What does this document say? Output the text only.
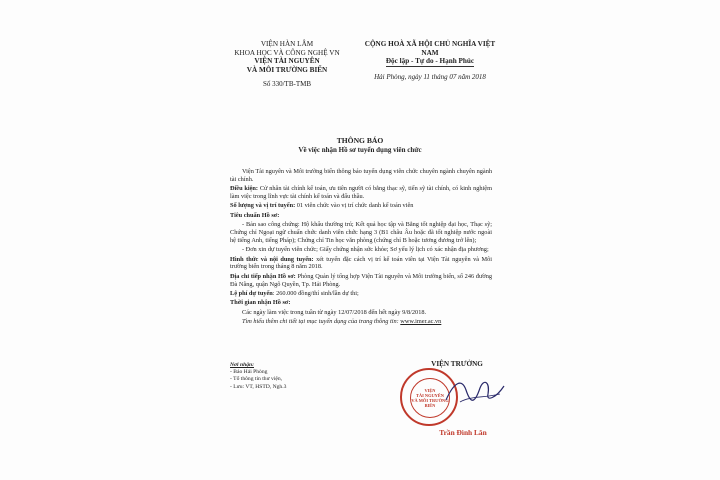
VIỆN HÀN LÂM
KHOA HỌC VÀ CÔNG NGHỆ VN
VIỆN TÀI NGUYÊN
VÀ MÔI TRƯỜNG BIỂN
Số 330/TB-TMB
CỘNG HOÀ XÃ HỘI CHỦ NGHĨA VIỆT NAM
Độc lập - Tự do - Hạnh Phúc
Hải Phòng, ngày 11 tháng 07 năm 2018
THÔNG BÁO
Về việc nhận Hồ sơ tuyển dụng viên chức

Viện Tài nguyên và Môi trường biển thông báo tuyển dụng viên chức chuyên ngành chuyên ngành tài chính.

Điều kiện: Cử nhân tài chính kế toán, ưu tiên người có bằng thạc sỹ, tiến sỹ tài chính, có kinh nghiệm làm việc trong lĩnh vực tài chính kế toán và đấu thầu.

Số lượng và vị trí tuyển: 01 viên chức vào vị trí chức danh kế toán viên

Tiêu chuẩn Hồ sơ:

- Bản sao công chứng: Hộ khẩu thường trú; Kết quả học tập và Bằng tốt nghiệp đại học, Thạc sỹ; Chứng chỉ Ngoại ngữ chuẩn chức danh viên chức hạng 3 (B1 châu Âu hoặc đã tốt nghiệp nước ngoài hệ tiếng Anh, tiếng Pháp); Chứng chỉ Tin học văn phòng (chứng chỉ B hoặc tương đương trở lên);

- Đơn xin dự tuyển viên chức; Giấy chứng nhận sức khỏe; Sơ yếu lý lịch có xác nhận địa phương;

Hình thức và nội dung tuyển: xét tuyển đặc cách vị trí kế toán viên tại Viện Tài nguyên và Môi trường biển trong tháng 8 năm 2018.

Địa chỉ tiếp nhận Hồ sơ: Phòng Quản lý tổng hợp Viện Tài nguyên và Môi trường biển, số 246 đường Đà Nẵng, quận Ngô Quyền, Tp. Hải Phòng.

Lệ phí dự tuyển: 260.000 đồng/thí sinh/lần dự thi;

Thời gian nhận Hồ sơ:

Các ngày làm việc trong tuần từ ngày 12/07/2018 đến hết ngày 9/8/2018.

Tìm hiểu thêm chi tiết tại mục tuyển dụng của trang thông tin: www.imer.ac.vn

Nơi nhận:
- Báo Hải Phòng
- Tổ thông tin thư viện,
- Lưu: VT, HSTD, Ngh.3
VIỆN TRƯỞNG
VIỆN
TÀI NGUYÊN
VÀ MÔI TRƯỜNG
BIỂN
Trần Đình Lân
